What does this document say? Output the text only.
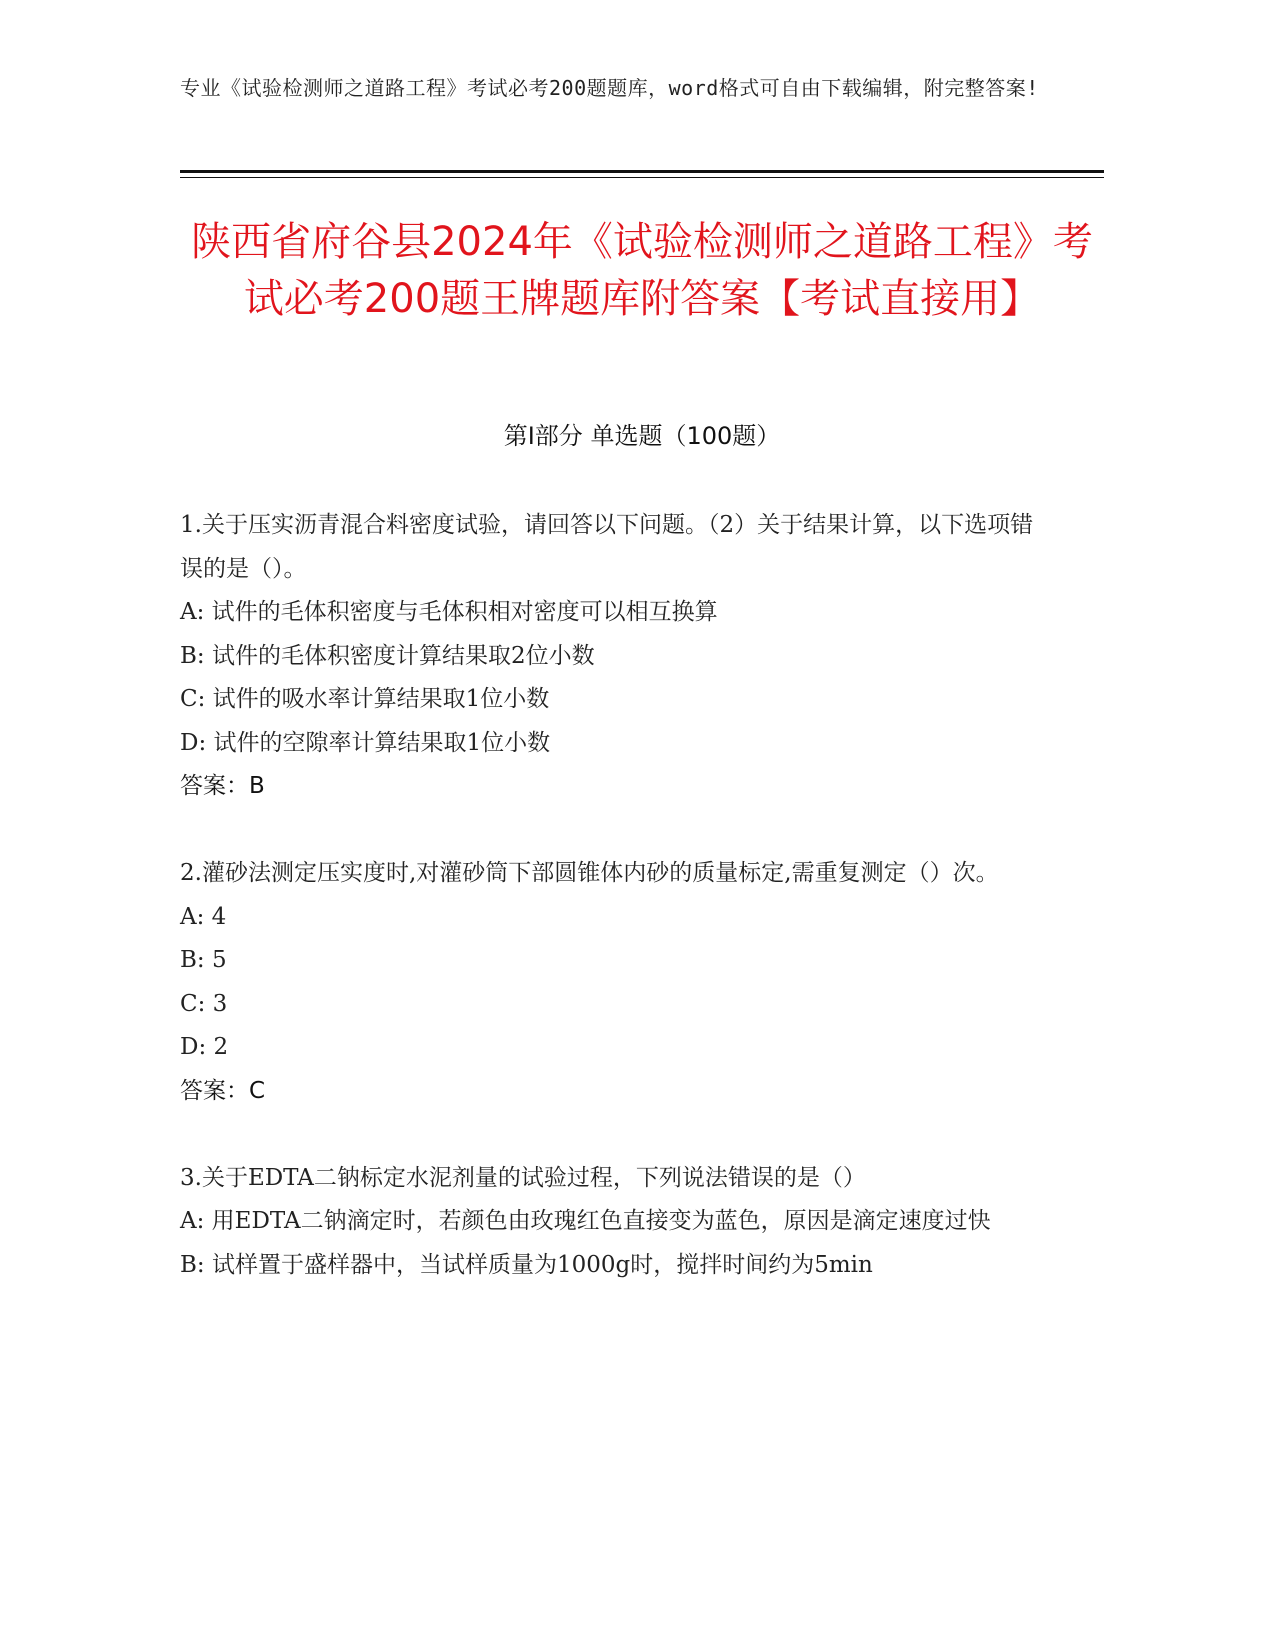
专业《试验检测师之道路工程》考试必考200题题库，word格式可自由下载编辑，附完整答案!
陕西省府谷县2024年《试验检测师之道路工程》考试必考200题王牌题库附答案【考试直接用】
第I部分 单选题（100题）

1.关于压实沥青混合料密度试验，请回答以下问题。（2）关于结果计算，以下选项错误的是（）。

A: 试件的毛体积密度与毛体积相对密度可以相互换算

B: 试件的毛体积密度计算结果取2位小数

C: 试件的吸水率计算结果取1位小数

D: 试件的空隙率计算结果取1位小数

答案：B

2.灌砂法测定压实度时,对灌砂筒下部圆锥体内砂的质量标定,需重复测定（）次。

A: 4

B: 5

C: 3

D: 2

答案：C

3.关于EDTA二钠标定水泥剂量的试验过程，下列说法错误的是（）

A: 用EDTA二钠滴定时，若颜色由玫瑰红色直接变为蓝色，原因是滴定速度过快

B: 试样置于盛样器中，当试样质量为1000g时，搅拌时间约为5min
